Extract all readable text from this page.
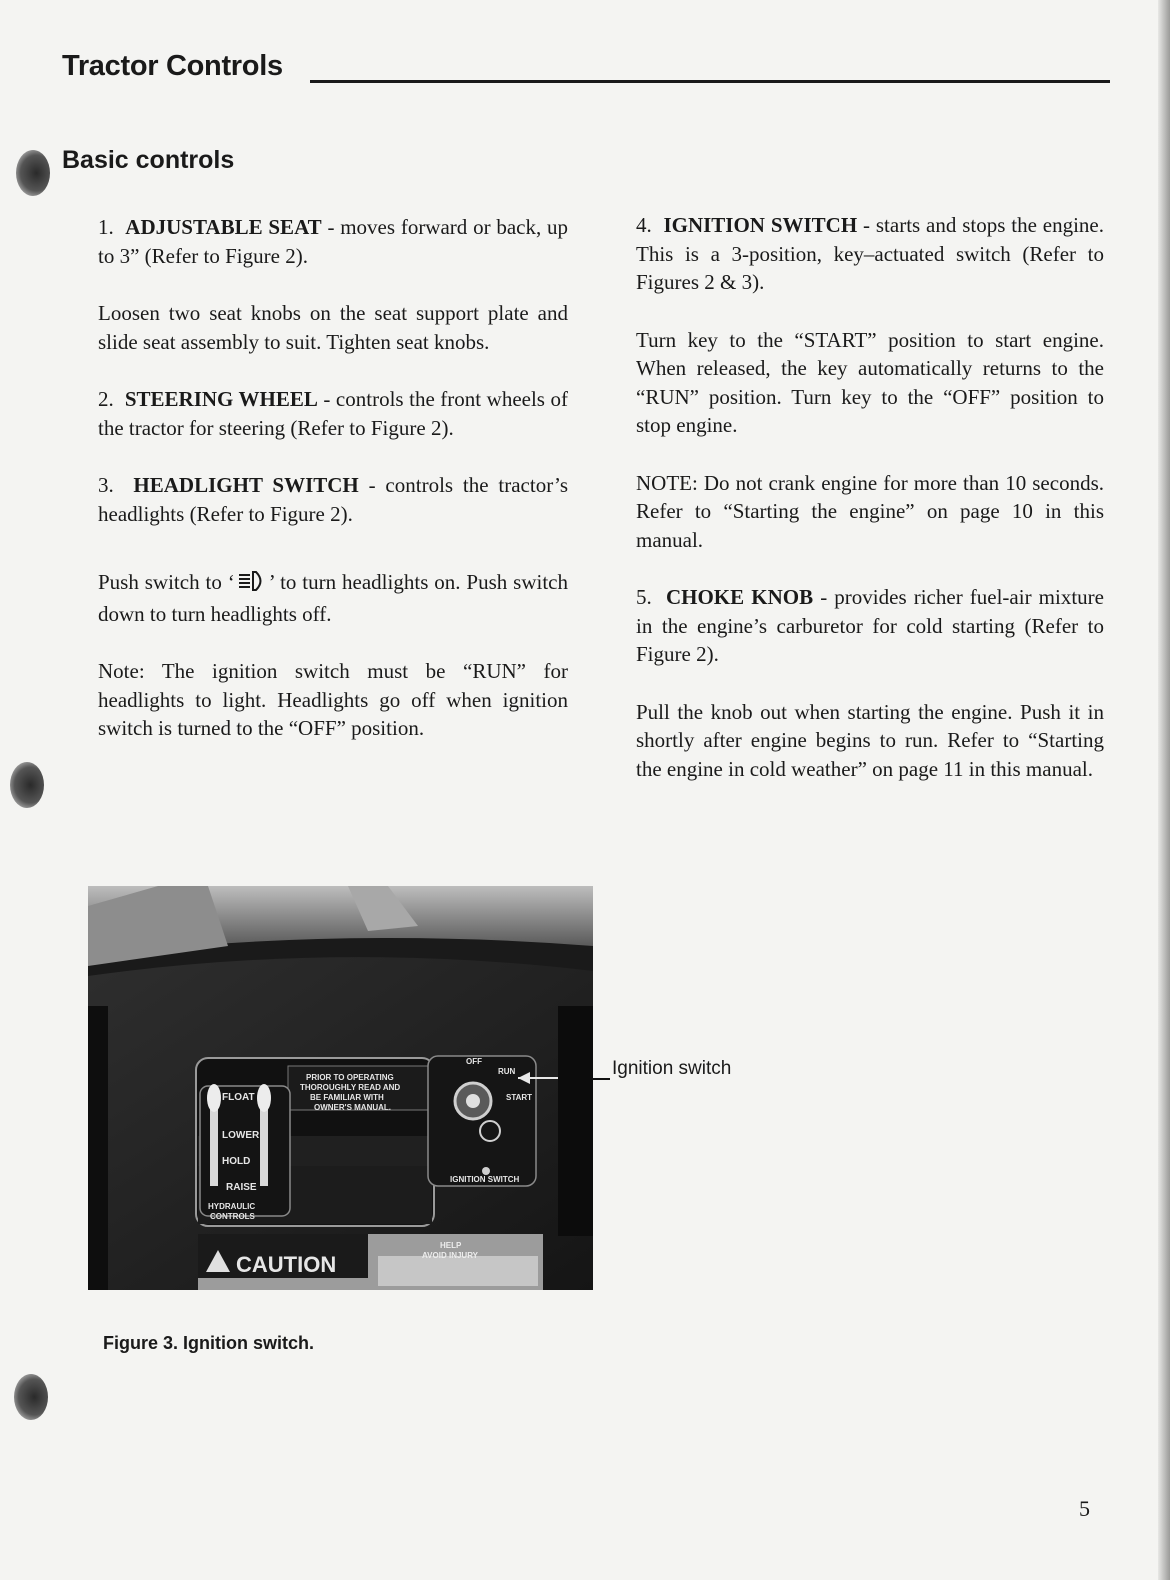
Tractor Controls
Basic controls

1. ADJUSTABLE SEAT - moves forward or back, up to 3” (Refer to Figure 2).

Loosen two seat knobs on the seat support plate and slide seat assembly to suit. Tighten seat knobs.

2. STEERING WHEEL - controls the front wheels of the tractor for steering (Refer to Figure 2).

3. HEADLIGHT SWITCH - controls the tractor’s headlights (Refer to Figure 2).

Push switch to ‘ ’ to turn headlights on. Push switch down to turn headlights off.

Note: The ignition switch must be “RUN” for headlights to light. Headlights go off when ignition switch is turned to the “OFF” position.

4. IGNITION SWITCH - starts and stops the engine. This is a 3-position, key–actuated switch (Refer to Figures 2 & 3).

Turn key to the “START” position to start engine. When released, the key automatically returns to the “RUN” position. Turn key to the “OFF” position to stop engine.

NOTE: Do not crank engine for more than 10 seconds. Refer to “Starting the engine” on page 10 in this manual.

5. CHOKE KNOB - provides richer fuel-air mixture in the engine’s carburetor for cold starting (Refer to Figure 2).

Pull the knob out when starting the engine. Push it in shortly after engine begins to run. Refer to “Starting the engine in cold weather” on page 11 in this manual.

FLOAT
LOWER
HOLD
RAISE
HYDRAULIC
CONTROLS
PRIOR TO OPERATING
THOROUGHLY READ AND
BE FAMILIAR WITH
OWNER'S MANUAL.
OFF
RUN
START
IGNITION SWITCH
CAUTION
HELP
AVOID INJURY
Ignition switch
Figure 3. Ignition switch.
5
